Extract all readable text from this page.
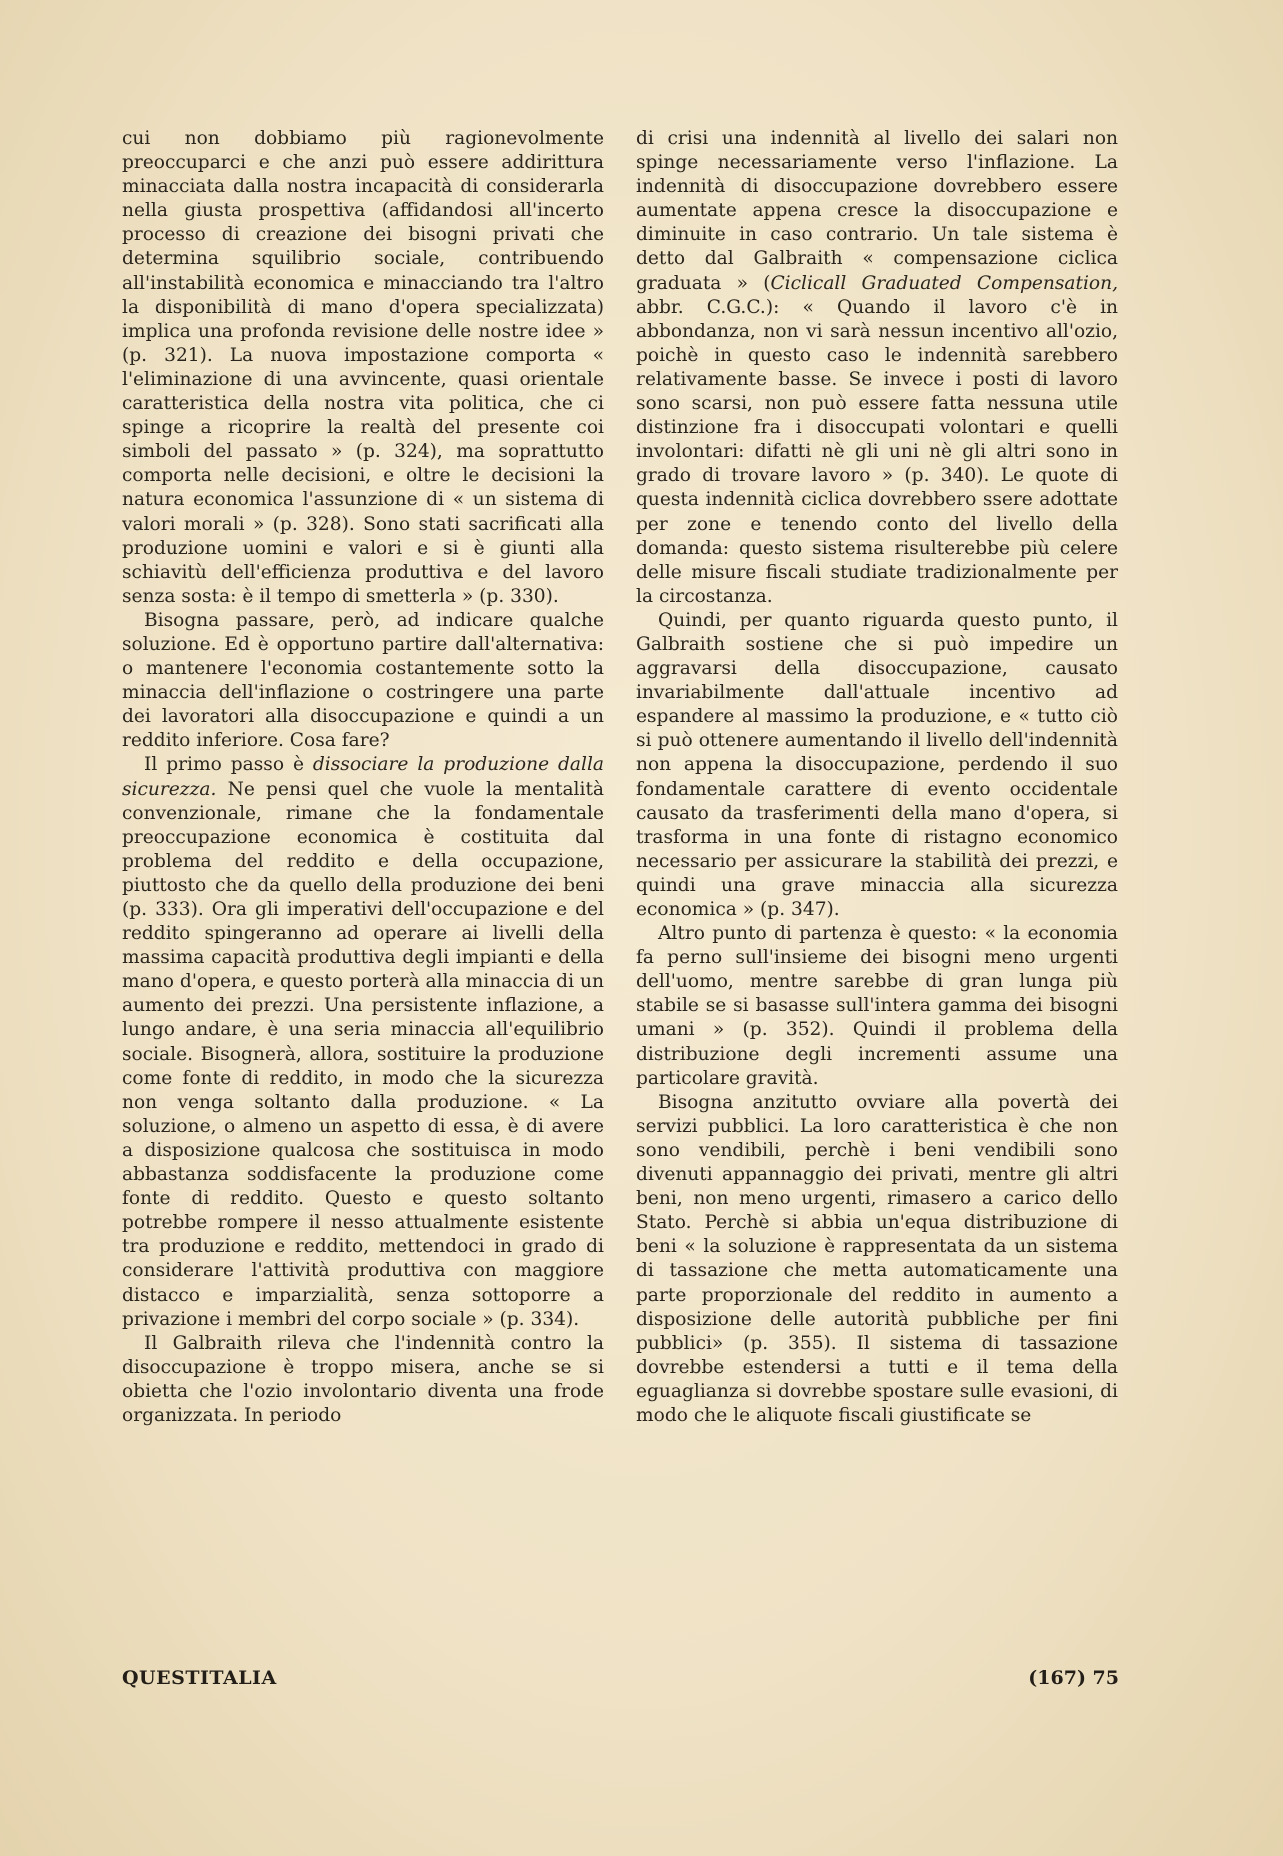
cui non dobbiamo più ragionevolmente preoccuparci e che anzi può essere addirittura minacciata dalla nostra incapacità di considerarla nella giusta prospettiva (affidandosi all'incerto processo di creazione dei bisogni privati che determina squilibrio sociale, contribuendo all'instabilità economica e minacciando tra l'altro la disponibilità di mano d'opera specializzata) implica una profonda revisione delle nostre idee » (p. 321). La nuova impostazione comporta « l'eliminazione di una avvincente, quasi orientale caratteristica della nostra vita politica, che ci spinge a ricoprire la realtà del presente coi simboli del passato » (p. 324), ma soprattutto comporta nelle decisioni, e oltre le decisioni la natura economica l'assunzione di « un sistema di valori morali » (p. 328). Sono stati sacrificati alla produzione uomini e valori e si è giunti alla schiavitù dell'efficienza produttiva e del lavoro senza sosta: è il tempo di smetterla » (p. 330).

Bisogna passare, però, ad indicare qualche soluzione. Ed è opportuno partire dall'alternativa: o mantenere l'economia costantemente sotto la minaccia dell'inflazione o costringere una parte dei lavoratori alla disoccupazione e quindi a un reddito inferiore. Cosa fare?

Il primo passo è dissociare la produzione dalla sicurezza. Ne pensi quel che vuole la mentalità convenzionale, rimane che la fondamentale preoccupazione economica è costituita dal problema del reddito e della occupazione, piuttosto che da quello della produzione dei beni (p. 333). Ora gli imperativi dell'occupazione e del reddito spingeranno ad operare ai livelli della massima capacità produttiva degli impianti e della mano d'opera, e questo porterà alla minaccia di un aumento dei prezzi. Una persistente inflazione, a lungo andare, è una seria minaccia all'equilibrio sociale. Bisognerà, allora, sostituire la produzione come fonte di reddito, in modo che la sicurezza non venga soltanto dalla produzione. « La soluzione, o almeno un aspetto di essa, è di avere a disposizione qualcosa che sostituisca in modo abbastanza soddisfacente la produzione come fonte di reddito. Questo e questo soltanto potrebbe rompere il nesso attualmente esistente tra produzione e reddito, mettendoci in grado di considerare l'attività produttiva con maggiore distacco e imparzialità, senza sottoporre a privazione i membri del corpo sociale » (p. 334).

Il Galbraith rileva che l'indennità contro la disoccupazione è troppo misera, anche se si obietta che l'ozio involontario diventa una frode organizzata. In periodo

di crisi una indennità al livello dei salari non spinge necessariamente verso l'inflazione. La indennità di disoccupazione dovrebbero essere aumentate appena cresce la disoccupazione e diminuite in caso contrario. Un tale sistema è detto dal Galbraith « compensazione ciclica graduata » (Ciclicall Graduated Compensation, abbr. C.G.C.): « Quando il lavoro c'è in abbondanza, non vi sarà nessun incentivo all'ozio, poichè in questo caso le indennità sarebbero relativamente basse. Se invece i posti di lavoro sono scarsi, non può essere fatta nessuna utile distinzione fra i disoccupati volontari e quelli involontari: difatti nè gli uni nè gli altri sono in grado di trovare lavoro » (p. 340). Le quote di questa indennità ciclica dovrebbero ssere adottate per zone e tenendo conto del livello della domanda: questo sistema risulterebbe più celere delle misure fiscali studiate tradizionalmente per la circostanza.

Quindi, per quanto riguarda questo punto, il Galbraith sostiene che si può impedire un aggravarsi della disoccupazione, causato invariabilmente dall'attuale incentivo ad espandere al massimo la produzione, e « tutto ciò si può ottenere aumentando il livello dell'indennità non appena la disoccupazione, perdendo il suo fondamentale carattere di evento occidentale causato da trasferimenti della mano d'opera, si trasforma in una fonte di ristagno economico necessario per assicurare la stabilità dei prezzi, e quindi una grave minaccia alla sicurezza economica » (p. 347).

Altro punto di partenza è questo: « la economia fa perno sull'insieme dei bisogni meno urgenti dell'uomo, mentre sarebbe di gran lunga più stabile se si basasse sull'intera gamma dei bisogni umani » (p. 352). Quindi il problema della distribuzione degli incrementi assume una particolare gravità.

Bisogna anzitutto ovviare alla povertà dei servizi pubblici. La loro caratteristica è che non sono vendibili, perchè i beni vendibili sono divenuti appannaggio dei privati, mentre gli altri beni, non meno urgenti, rimasero a carico dello Stato. Perchè si abbia un'equa distribuzione di beni « la soluzione è rappresentata da un sistema di tassazione che metta automaticamente una parte proporzionale del reddito in aumento a disposizione delle autorità pubbliche per fini pubblici» (p. 355). Il sistema di tassazione dovrebbe estendersi a tutti e il tema della eguaglianza si dovrebbe spostare sulle evasioni, di modo che le aliquote fiscali giustificate se

QUESTITALIA	(167) 75
